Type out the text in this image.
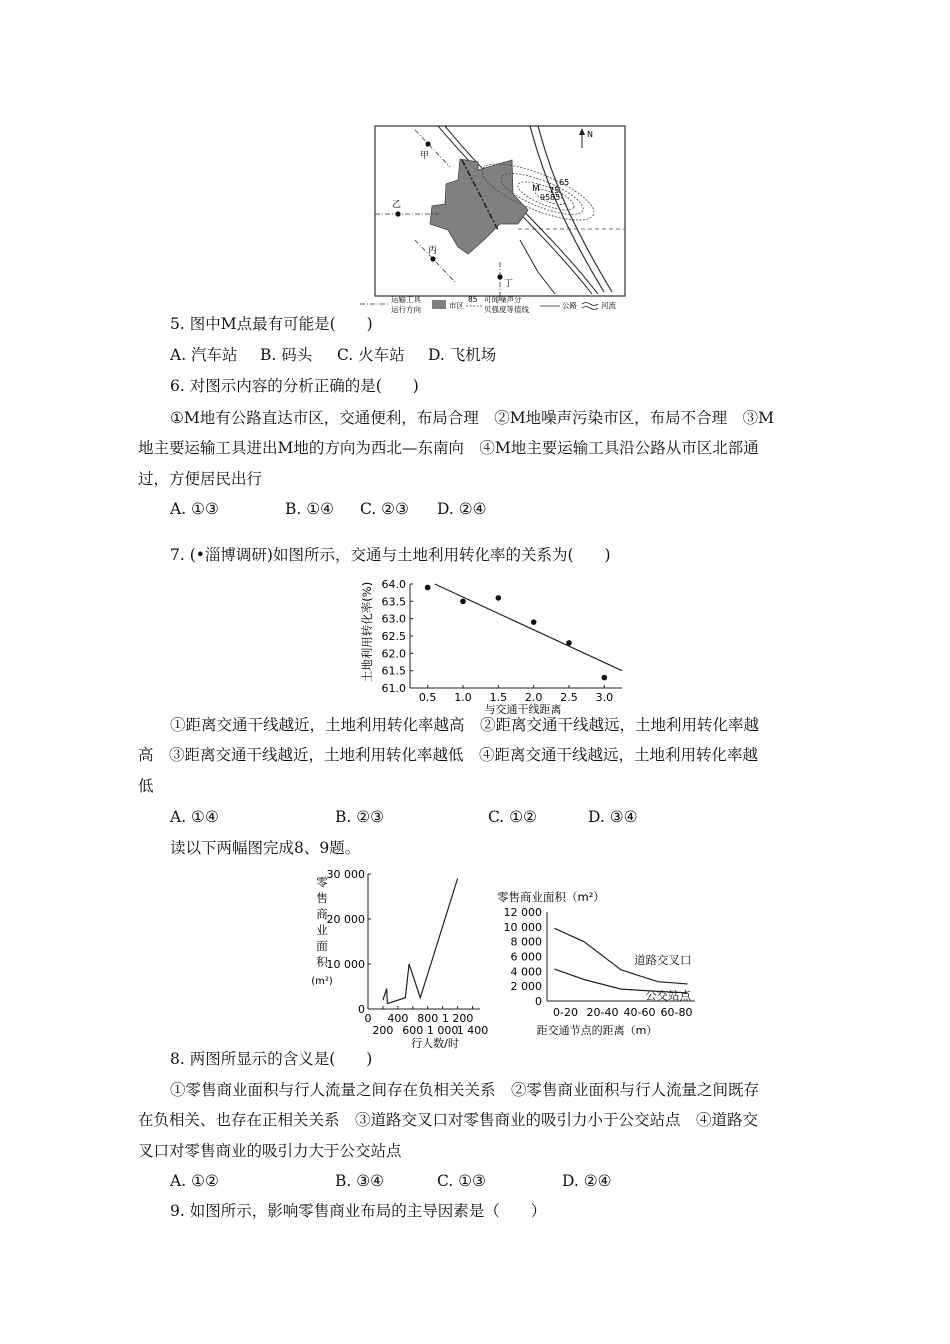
65
75
95 85
M
N
甲
乙
丙
丁
运输工具
运行方向	市区
85 可闻噪声分
贝强度等值线	公路	河流
5. 图中M点最有可能是(　　)
A. 汽车站 B. 码头 C. 火车站 D. 飞机场
6. 对图示内容的分析正确的是(　　)
①M地有公路直达市区，交通便利，布局合理　②M地噪声污染市区，布局不合理　③M
地主要运输工具进出M地的方向为西北—东南向　④M地主要运输工具沿公路从市区北部通
过，方便居民出行
A. ①③	B. ①④ C. ②③ D. ②④
7. (•淄博调研)如图所示，交通与土地利用转化率的关系为(　　)
土地利用转化率(%)
与交通干线距离
61.0
61.5
62.0
62.5
63.0
63.5
64.0
0.5 1.0 1.5 2.0 2.5 3.0
①距离交通干线越近，土地利用转化率越高　②距离交通干线越远，土地利用转化率越
高　③距离交通干线越近，土地利用转化率越低　④距离交通干线越远，土地利用转化率越
低
A. ①④	B. ②③	C. ①②	D. ③④
读以下两幅图完成8、9题。
零
售
商
业
面
积
(m²)
行人数/时
0
10 000
20 000
30 000
0
200
400
600
800
1 000
1 200
1 400
零售商业面积（m²）
距交通节点的距离（m）
0
2 000
4 000
6 000
8 000
10 000
12 000
0-20 20-40 40-60 60-80
道路交叉口
公交站点
8. 两图所显示的含义是(　　)
①零售商业面积与行人流量之间存在负相关关系　②零售商业面积与行人流量之间既存
在负相关、也存在正相关关系　③道路交叉口对零售商业的吸引力小于公交站点　④道路交
叉口对零售商业的吸引力大于公交站点
A. ①②	B. ③④	C. ①③	D. ②④
9. 如图所示，影响零售商业布局的主导因素是（　　）
